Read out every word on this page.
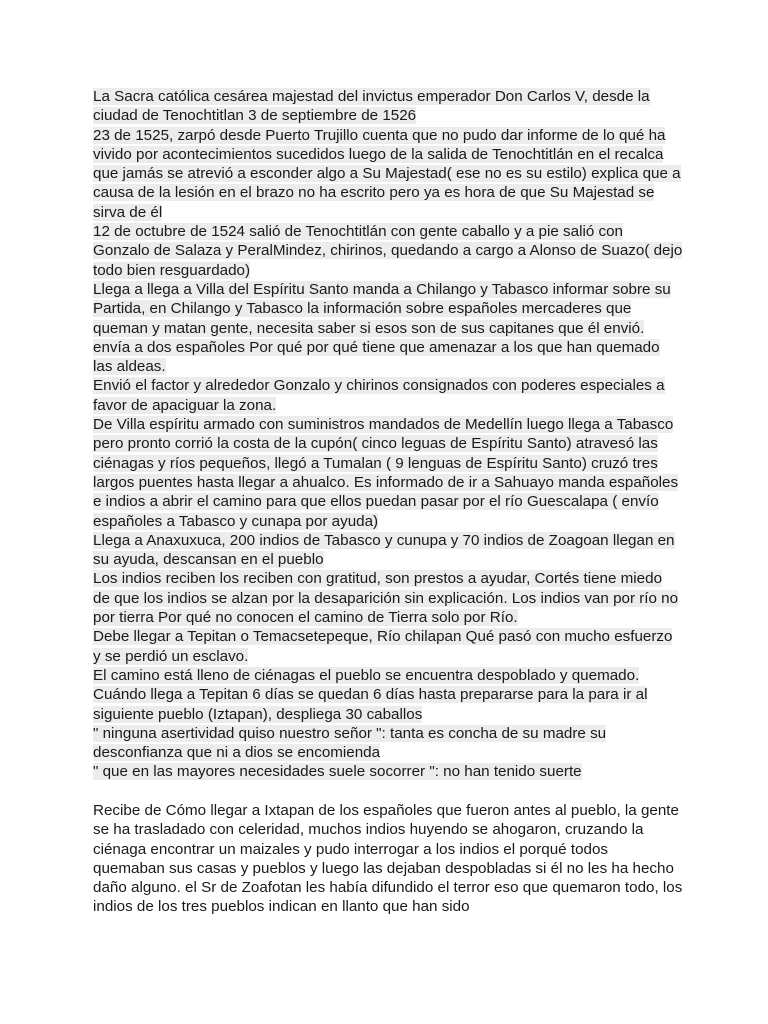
La Sacra católica cesárea majestad del invictus emperador Don Carlos V, desde la ciudad de Tenochtitlan 3 de septiembre de 1526

23 de 1525, zarpó desde Puerto Trujillo cuenta que no pudo dar informe de lo qué ha vivido por acontecimientos sucedidos luego de la salida de Tenochtitlán en el recalca que jamás se atrevió a esconder algo a Su Majestad( ese no es su estilo) explica que a causa de la lesión en el brazo no ha escrito pero ya es hora de que Su Majestad se sirva de él

12 de octubre de 1524 salió de Tenochtitlán con gente caballo y a pie salió con Gonzalo de Salaza y PeralMindez, chirinos, quedando a cargo a Alonso de Suazo( dejo todo bien resguardado)

Llega a llega a Villa del Espíritu Santo manda a Chilango y Tabasco informar sobre su Partida, en Chilango y Tabasco la información sobre españoles mercaderes que queman y matan gente, necesita saber si esos son de sus capitanes que él envió. envía a dos españoles Por qué por qué tiene que amenazar a los que han quemado las aldeas.

Envió el factor y alrededor Gonzalo y chirinos consignados con poderes especiales a favor de apaciguar la zona.

De Villa espíritu armado con suministros mandados de Medellín luego llega a Tabasco pero pronto corrió la costa de la cupón( cinco leguas de Espíritu Santo) atravesó las ciénagas y ríos pequeños, llegó a Tumalan ( 9 lenguas de Espíritu Santo) cruzó tres largos puentes hasta llegar a ahualco. Es informado de ir a Sahuayo manda españoles e indios a abrir el camino para que ellos puedan pasar por el río Guescalapa ( envío españoles a Tabasco y cunapa por ayuda)

Llega a Anaxuxuca, 200 indios de Tabasco y cunupa y 70 indios de Zoagoan llegan en su ayuda, descansan en el pueblo

Los indios reciben los reciben con gratitud, son prestos a ayudar, Cortés tiene miedo de que los indios se alzan por la desaparición sin explicación. Los indios van por río no por tierra Por qué no conocen el camino de Tierra solo por Río.

Debe llegar a Tepitan o Temacsetepeque, Río chilapan Qué pasó con mucho esfuerzo y se perdió un esclavo.

El camino está lleno de ciénagas el pueblo se encuentra despoblado y quemado.

Cuándo llega a Tepitan 6 días se quedan 6 días hasta prepararse para la para ir al siguiente pueblo (Iztapan), despliega 30 caballos

" ninguna asertividad quiso nuestro señor ": tanta es concha de su madre su desconfianza que ni a dios se encomienda

" que en las mayores necesidades suele socorrer ": no han tenido suerte

Recibe de Cómo llegar a Ixtapan de los españoles que fueron antes al pueblo, la gente se ha trasladado con celeridad, muchos indios huyendo se ahogaron, cruzando la ciénaga encontrar un maizales y pudo interrogar a los indios el porqué todos quemaban sus casas y pueblos y luego las dejaban despobladas si él no les ha hecho daño alguno. el Sr de Zoafotan les había difundido el terror eso que quemaron todo, los indios de los tres pueblos indican en llanto que han sido
